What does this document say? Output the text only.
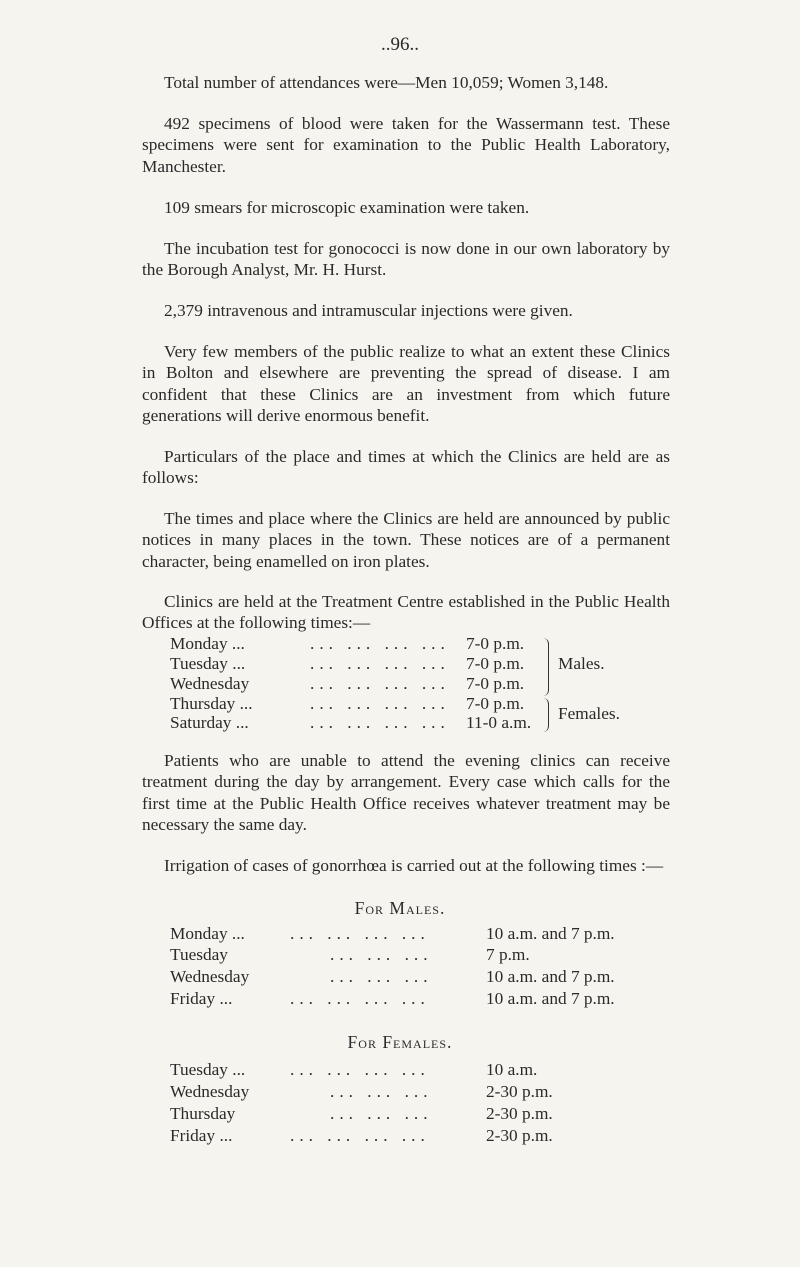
..96..
Total number of attendances were—Men 10,059; Women 3,148.
492 specimens of blood were taken for the Wassermann test. These specimens were sent for examination to the Public Health Laboratory, Manchester.
109 smears for microscopic examination were taken.
The incubation test for gonococci is now done in our own laboratory by the Borough Analyst, Mr. H. Hurst.
2,379 intravenous and intramuscular injections were given.
Very few members of the public realize to what an extent these Clinics in Bolton and elsewhere are preventing the spread of disease. I am confident that these Clinics are an investment from which future generations will derive enormous benefit.
Particulars of the place and times at which the Clinics are held are as follows:
The times and place where the Clinics are held are announced by public notices in many places in the town. These notices are of a permanent character, being enamelled on iron plates.
Clinics are held at the Treatment Centre established in the Public Health Offices at the following times:—
Monday ...	... ... ... ... 7-0 p.m.
Tuesday ...	... ... ... ... 7-0 p.m.
Wednesday	... ... ... ... 7-0 p.m.
Thursday ...	... ... ... ... 7-0 p.m.
Saturday ...	... ... ... ... 11-0 a.m.
Males.
Females.
Patients who are unable to attend the evening clinics can receive treatment during the day by arrangement. Every case which calls for the first time at the Public Health Office receives whatever treatment may be necessary the same day.
Irrigation of cases of gonorrhœa is carried out at the following times :—
For Males.
Monday ...	... ... ... ...	10 a.m. and 7 p.m.
Tuesday	... ... ...	7 p.m.
Wednesday	... ... ...	10 a.m. and 7 p.m.
Friday ...	... ... ... ...	10 a.m. and 7 p.m.
For Females.
Tuesday ...	... ... ... ...	10 a.m.
Wednesday	... ... ...	2-30 p.m.
Thursday	... ... ...	2-30 p.m.
Friday ...	... ... ... ...	2-30 p.m.
